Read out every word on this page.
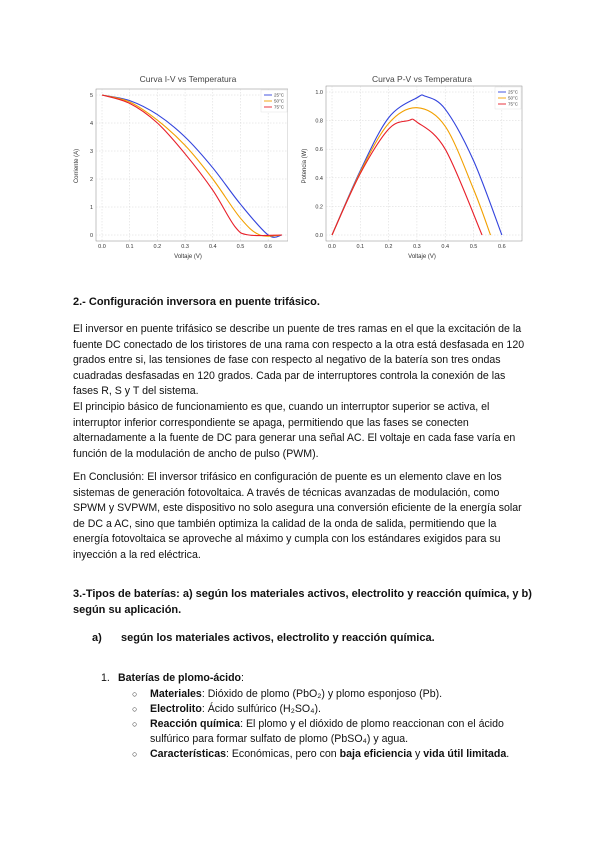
Curva I-V vs Temperatura
Voltaje (V)
Corriente (A)
0.0	0.1	0.2	0.3	0.4	0.5	0.6
5
4
3
2
1
0
25°C
50°C
75°C
Curva P-V vs Temperatura
Voltaje (V)
Potencia (W)
0.0	0.1	0.2	0.3	0.4	0.5	0.6
1.0
0.8
0.6
0.4
0.2
0.0
25°C
50°C
75°C
2.- Configuración inversora en puente trifásico.
El inversor en puente trifásico se describe un puente de tres ramas en el que la excitación de la fuente DC conectado de los tiristores de una rama con respecto a la otra está desfasada en 120 grados entre si, las tensiones de fase con respecto al negativo de la batería son tres ondas cuadradas desfasadas en 120 grados. Cada par de interruptores controla la conexión de las fases R, S y T del sistema.
El principio básico de funcionamiento es que, cuando un interruptor superior se activa, el interruptor inferior correspondiente se apaga, permitiendo que las fases se conecten alternadamente a la fuente de DC para generar una señal AC. El voltaje en cada fase varía en función de la modulación de ancho de pulso (PWM).
En Conclusión: El inversor trifásico en configuración de puente es un elemento clave en los sistemas de generación fotovoltaica. A través de técnicas avanzadas de modulación, como SPWM y SVPWM, este dispositivo no solo asegura una conversión eficiente de la energía solar de DC a AC, sino que también optimiza la calidad de la onda de salida, permitiendo que la energía fotovoltaica se aproveche al máximo y cumpla con los estándares exigidos para su inyección a la red eléctrica.
3.-Tipos de baterías: a) según los materiales activos, electrolito y reacción química, y b) según su aplicación.
a) según los materiales activos, electrolito y reacción química.
1. Baterías de plomo-ácido:
○ Materiales: Dióxido de plomo (PbO₂) y plomo esponjoso (Pb).
○ Electrolito: Ácido sulfúrico (H₂SO₄).
○ Reacción química: El plomo y el dióxido de plomo reaccionan con el ácido sulfúrico para formar sulfato de plomo (PbSO₄) y agua.
○ Características: Económicas, pero con baja eficiencia y vida útil limitada.
